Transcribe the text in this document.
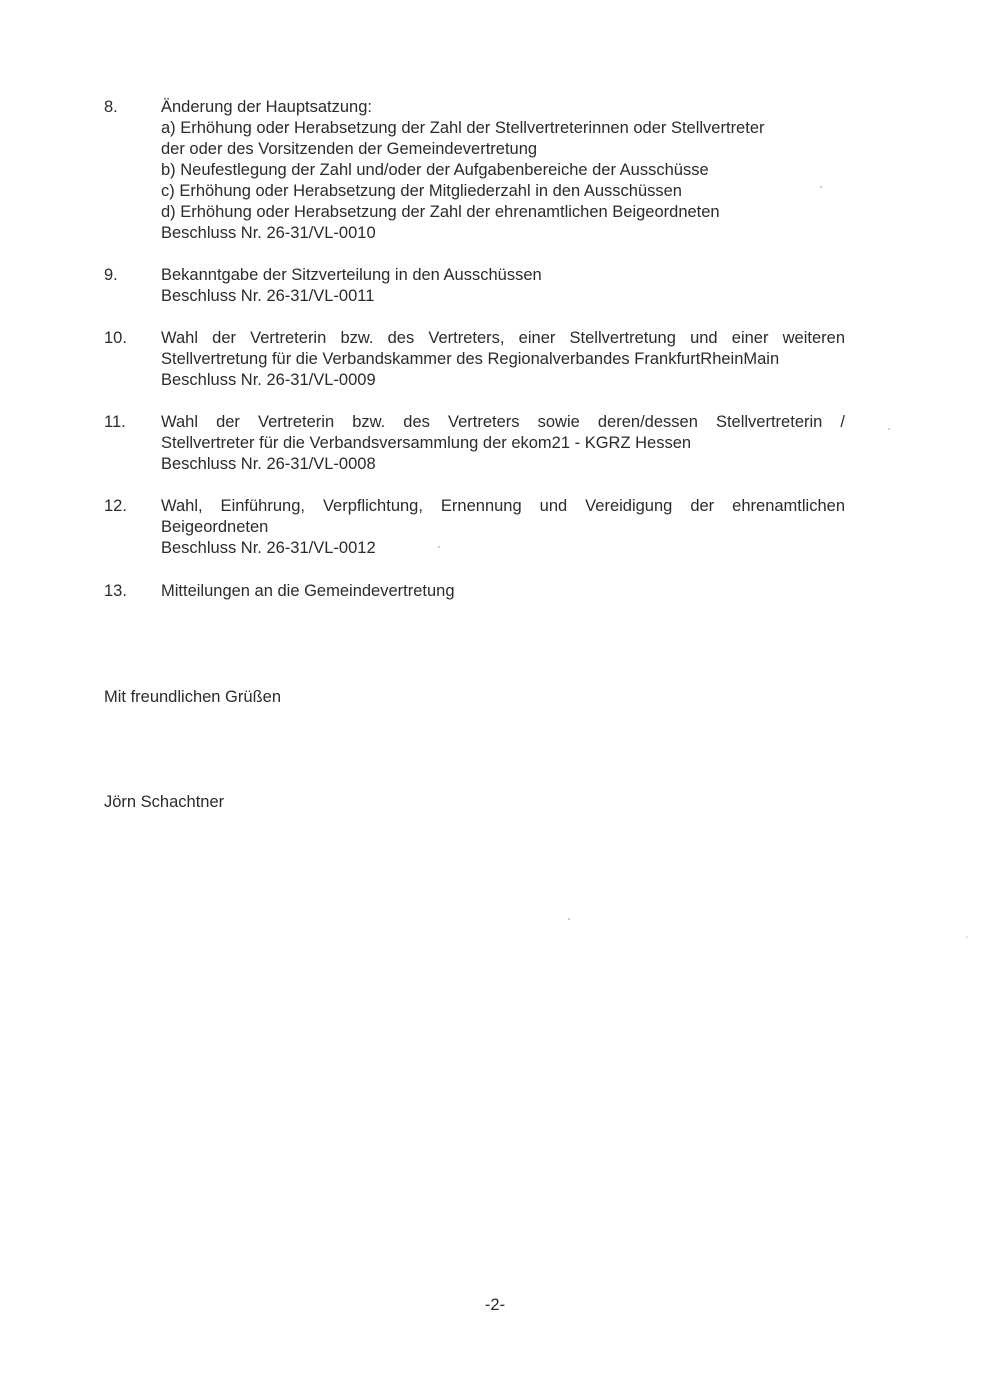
8.	Änderung der Hauptsatzung:
a) Erhöhung oder Herabsetzung der Zahl der Stellvertreterinnen oder Stellvertreter
der oder des Vorsitzenden der Gemeindevertretung
b) Neufestlegung der Zahl und/oder der Aufgabenbereiche der Ausschüsse
c) Erhöhung oder Herabsetzung der Mitgliederzahl in den Ausschüssen
d) Erhöhung oder Herabsetzung der Zahl der ehrenamtlichen Beigeordneten
Beschluss Nr. 26-31/VL-0010
9.	Bekanntgabe der Sitzverteilung in den Ausschüssen
Beschluss Nr. 26-31/VL-0011
10.	Wahl der Vertreterin bzw. des Vertreters, einer Stellvertretung und einer weiteren
Stellvertretung für die Verbandskammer des Regionalverbandes FrankfurtRheinMain
Beschluss Nr. 26-31/VL-0009
11.	Wahl der Vertreterin bzw. des Vertreters sowie deren/dessen Stellvertreterin /
Stellvertreter für die Verbandsversammlung der ekom21 - KGRZ Hessen
Beschluss Nr. 26-31/VL-0008
12.	Wahl, Einführung, Verpflichtung, Ernennung und Vereidigung der ehrenamtlichen
Beigeordneten
Beschluss Nr. 26-31/VL-0012
13.	Mitteilungen an die Gemeindevertretung
Mit freundlichen Grüßen
Jörn Schachtner
-2-
